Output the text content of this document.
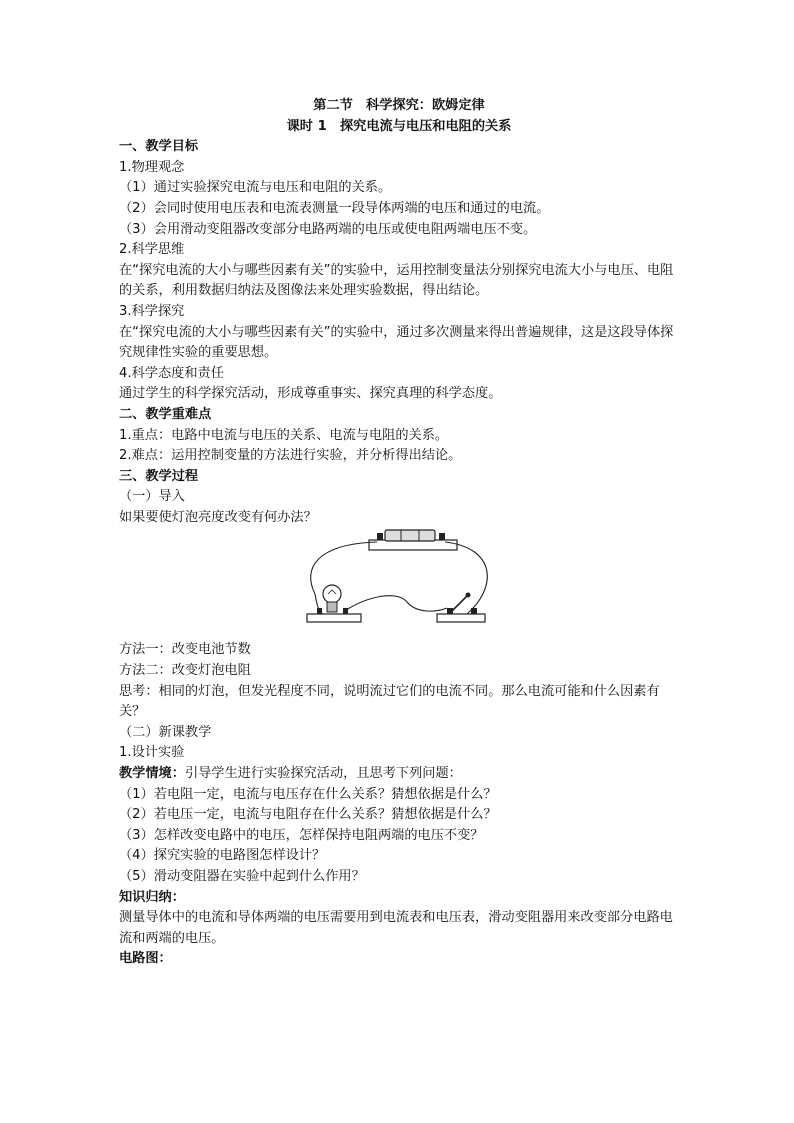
第二节　科学探究：欧姆定律

课时 1　探究电流与电压和电阻的关系

一、教学目标

1.物理观念

（1）通过实验探究电流与电压和电阻的关系。

（2）会同时使用电压表和电流表测量一段导体两端的电压和通过的电流。

（3）会用滑动变阻器改变部分电路两端的电压或使电阻两端电压不变。

2.科学思维

在“探究电流的大小与哪些因素有关”的实验中，运用控制变量法分别探究电流大小与电压、电阻的关系，利用数据归纳法及图像法来处理实验数据，得出结论。

3.科学探究

在“探究电流的大小与哪些因素有关”的实验中，通过多次测量来得出普遍规律，这是这段导体探究规律性实验的重要思想。

4.科学态度和责任

通过学生的科学探究活动，形成尊重事实、探究真理的科学态度。

二、教学重难点

1.重点：电路中电流与电压的关系、电流与电阻的关系。

2.难点：运用控制变量的方法进行实验，并分析得出结论。

三、教学过程

（一）导入

如果要使灯泡亮度改变有何办法？

方法一：改变电池节数

方法二：改变灯泡电阻

思考：相同的灯泡，但发光程度不同，说明流过它们的电流不同。那么电流可能和什么因素有关？

（二）新课教学

1.设计实验

教学情境：引导学生进行实验探究活动，且思考下列问题：

（1）若电阻一定，电流与电压存在什么关系？猜想依据是什么？

（2）若电压一定，电流与电阻存在什么关系？猜想依据是什么？

（3）怎样改变电路中的电压，怎样保持电阻两端的电压不变？

（4）探究实验的电路图怎样设计？

（5）滑动变阻器在实验中起到什么作用？

知识归纳：

测量导体中的电流和导体两端的电压需要用到电流表和电压表，滑动变阻器用来改变部分电路电流和两端的电压。

电路图：
